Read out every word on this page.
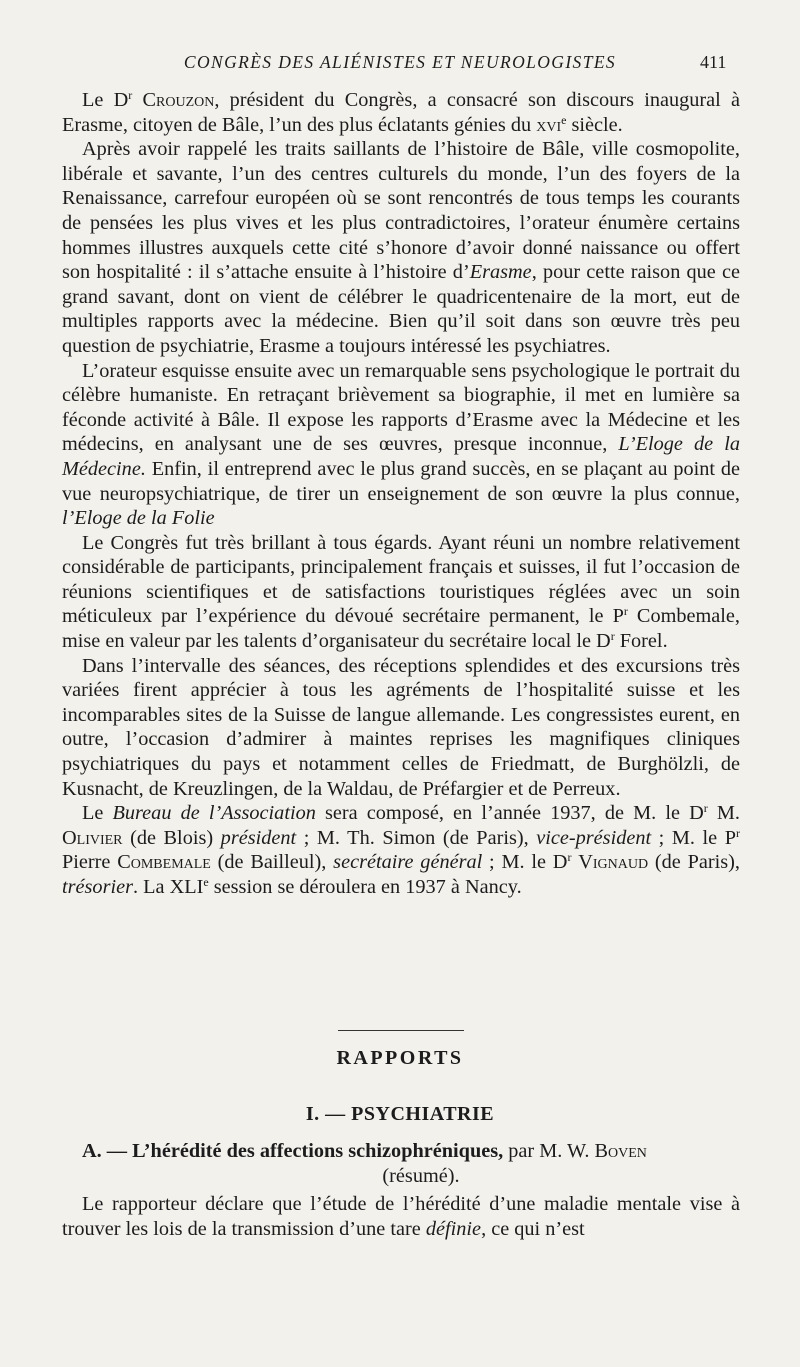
CONGRÈS DES ALIÉNISTES ET NEUROLOGISTES	411

Le $D^r$ Crouzon, président du Congrès, a consacré son discours inaugural à Erasme, citoyen de Bâle, l’un des plus éclatants génies du xvi$^e$ siècle.

Après avoir rappelé les traits saillants de l’histoire de Bâle, ville cosmopolite, libérale et savante, l’un des centres culturels du monde, l’un des foyers de la Renaissance, carrefour européen où se sont rencontrés de tous temps les courants de pensées les plus vives et les plus contradictoires, l’orateur énumère certains hommes illustres auxquels cette cité s’honore d’avoir donné naissance ou offert son hospitalité : il s’attache ensuite à l’histoire d’Erasme, pour cette raison que ce grand savant, dont on vient de célébrer le quadricentenaire de la mort, eut de multiples rapports avec la médecine. Bien qu’il soit dans son œuvre très peu question de psychiatrie, Erasme a toujours intéressé les psychiatres.

L’orateur esquisse ensuite avec un remarquable sens psychologique le portrait du célèbre humaniste. En retraçant brièvement sa biographie, il met en lumière sa féconde activité à Bâle. Il expose les rapports d’Erasme avec la Médecine et les médecins, en analysant une de ses œuvres, presque inconnue, L’Eloge de la Médecine. Enfin, il entreprend avec le plus grand succès, en se plaçant au point de vue neuropsychiatrique, de tirer un enseignement de son œuvre la plus connue, l’Eloge de la Folie

Le Congrès fut très brillant à tous égards. Ayant réuni un nombre relativement considérable de participants, principalement français et suisses, il fut l’occasion de réunions scientifiques et de satisfactions touristiques réglées avec un soin méticuleux par l’expérience du dévoué secrétaire permanent, le $P^r$ Combemale, mise en valeur par les talents d’organisateur du secrétaire local le $D^r$ Forel.

Dans l’intervalle des séances, des réceptions splendides et des excursions très variées firent apprécier à tous les agréments de l’hospitalité suisse et les incomparables sites de la Suisse de langue allemande. Les congressistes eurent, en outre, l’occasion d’admirer à maintes reprises les magnifiques cliniques psychiatriques du pays et notamment celles de Friedmatt, de Burghölzli, de Kusnacht, de Kreuzlingen, de la Waldau, de Préfargier et de Perreux.

Le Bureau de l’Association sera composé, en l’année 1937, de M. le $D^r$ M. Olivier (de Blois) président ; M. Th. Simon (de Paris), vice-président ; M. le $P^r$ Pierre Combemale (de Bailleul), secrétaire général ; M. le $D^r$ Vignaud (de Paris), trésorier. La XLIe session se déroulera en 1937 à Nancy.

RAPPORTS
I. — PSYCHIATRIE
A. — L’hérédité des affections schizophréniques, par M. W. Boven
(résumé).

Le rapporteur déclare que l’étude de l’hérédité d’une maladie mentale vise à trouver les lois de la transmission d’une tare définie, ce qui n’est
